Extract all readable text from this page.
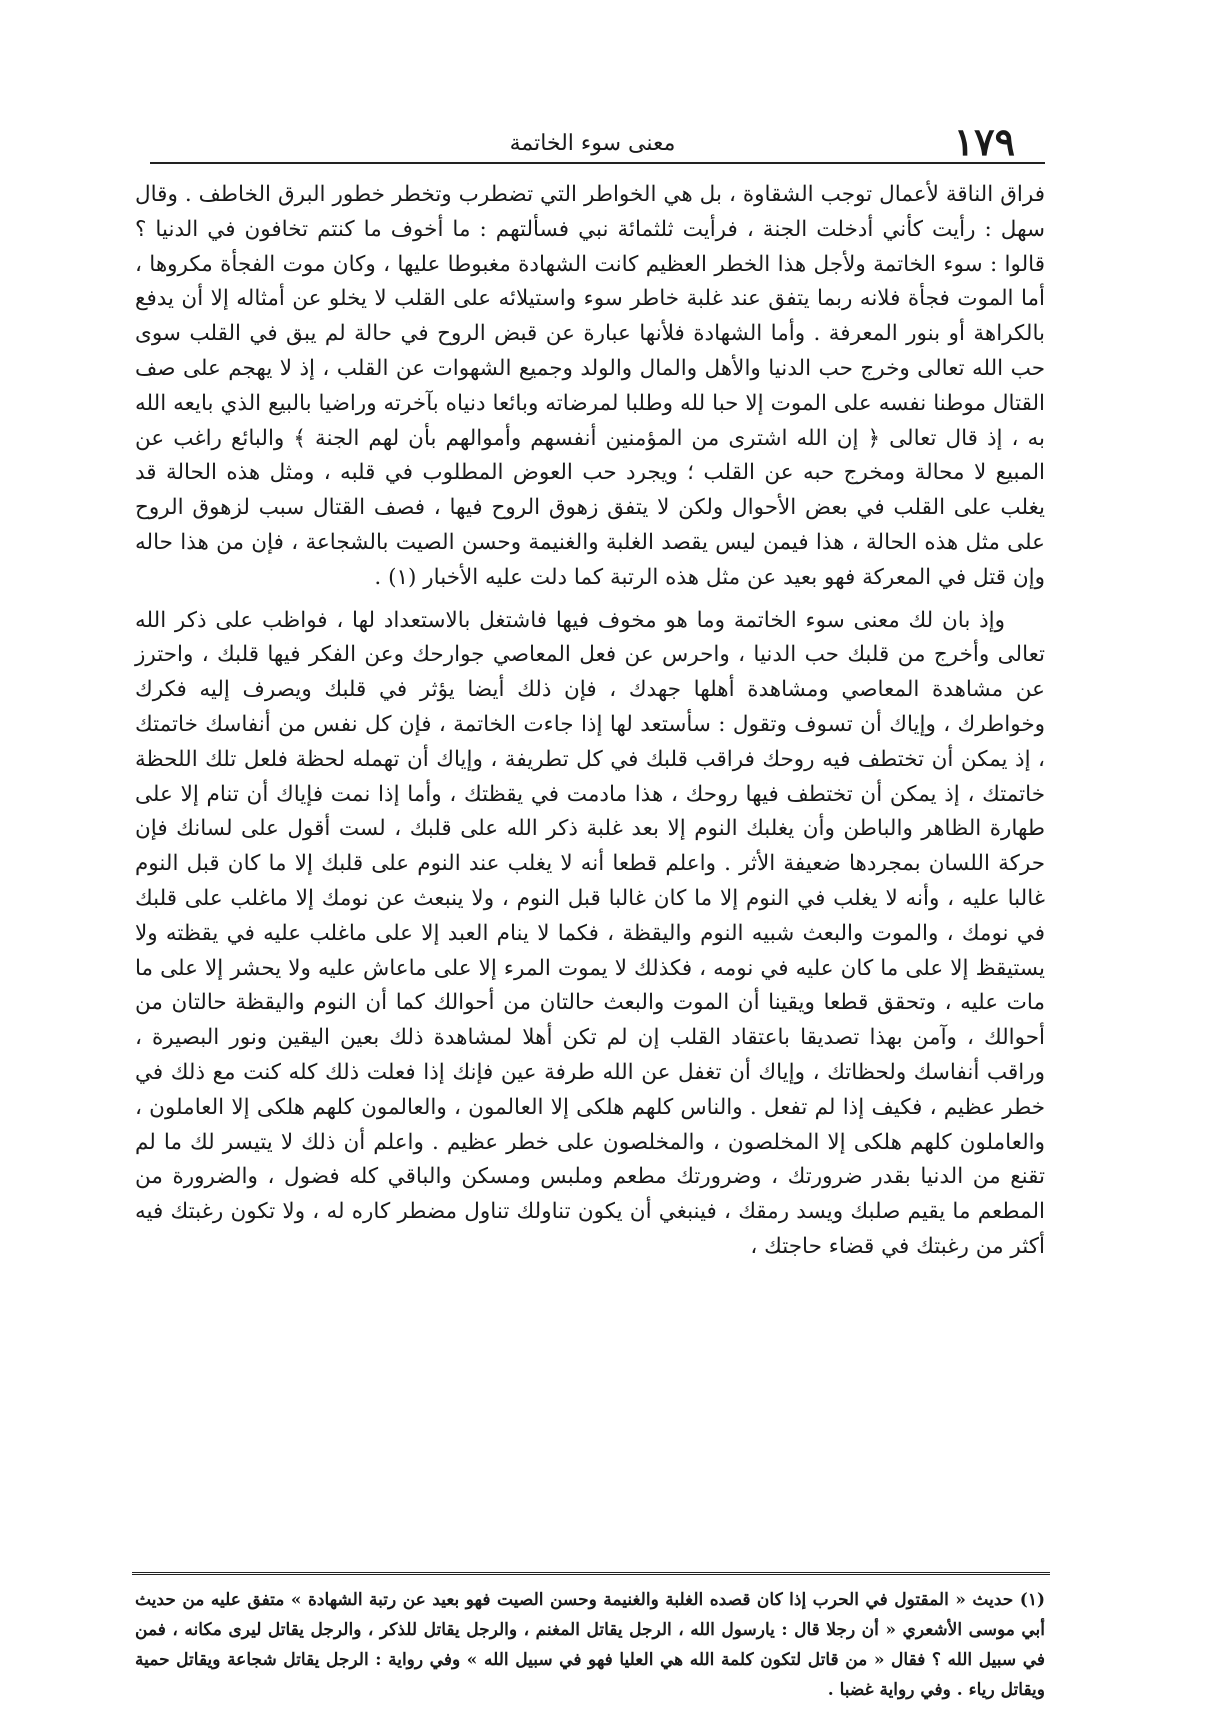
١٧٩
معنى سوء الخاتمة

فراق الناقة لأعمال توجب الشقاوة ، بل هي الخواطر التي تضطرب وتخطر خطور البرق الخاطف . وقال سهل : رأيت كأني أدخلت الجنة ، فرأيت ثلثمائة نبي فسألتهم : ما أخوف ما كنتم تخافون في الدنيا ؟ قالوا : سوء الخاتمة ولأجل هذا الخطر العظيم كانت الشهادة مغبوطا عليها ، وكان موت الفجأة مكروها ، أما الموت فجأة فلانه ربما يتفق عند غلبة خاطر سوء واستيلائه على القلب لا يخلو عن أمثاله إلا أن يدفع بالكراهة أو بنور المعرفة . وأما الشهادة فلأنها عبارة عن قبض الروح في حالة لم يبق في القلب سوى حب الله تعالى وخرج حب الدنيا والأهل والمال والولد وجميع الشهوات عن القلب ، إذ لا يهجم على صف القتال موطنا نفسه على الموت إلا حبا لله وطلبا لمرضاته وبائعا دنياه بآخرته وراضيا بالبيع الذي بايعه الله به ، إذ قال تعالى ﴿ إن الله اشترى من المؤمنين أنفسهم وأموالهم بأن لهم الجنة ﴾ والبائع راغب عن المبيع لا محالة ومخرج حبه عن القلب ؛ ويجرد حب العوض المطلوب في قلبه ، ومثل هذه الحالة قد يغلب على القلب في بعض الأحوال ولكن لا يتفق زهوق الروح فيها ، فصف القتال سبب لزهوق الروح على مثل هذه الحالة ، هذا فيمن ليس يقصد الغلبة والغنيمة وحسن الصيت بالشجاعة ، فإن من هذا حاله وإن قتل في المعركة فهو بعيد عن مثل هذه الرتبة كما دلت عليه الأخبار (١) .

وإذ بان لك معنى سوء الخاتمة وما هو مخوف فيها فاشتغل بالاستعداد لها ، فواظب على ذكر الله تعالى وأخرج من قلبك حب الدنيا ، واحرس عن فعل المعاصي جوارحك وعن الفكر فيها قلبك ، واحترز عن مشاهدة المعاصي ومشاهدة أهلها جهدك ، فإن ذلك أيضا يؤثر في قلبك ويصرف إليه فكرك وخواطرك ، وإياك أن تسوف وتقول : سأستعد لها إذا جاءت الخاتمة ، فإن كل نفس من أنفاسك خاتمتك ، إذ يمكن أن تختطف فيه روحك فراقب قلبك في كل تطريفة ، وإياك أن تهمله لحظة فلعل تلك اللحظة خاتمتك ، إذ يمكن أن تختطف فيها روحك ، هذا مادمت في يقظتك ، وأما إذا نمت فإياك أن تنام إلا على طهارة الظاهر والباطن وأن يغلبك النوم إلا بعد غلبة ذكر الله على قلبك ، لست أقول على لسانك فإن حركة اللسان بمجردها ضعيفة الأثر . واعلم قطعا أنه لا يغلب عند النوم على قلبك إلا ما كان قبل النوم غالبا عليه ، وأنه لا يغلب في النوم إلا ما كان غالبا قبل النوم ، ولا ينبعث عن نومك إلا ماغلب على قلبك في نومك ، والموت والبعث شبيه النوم واليقظة ، فكما لا ينام العبد إلا على ماغلب عليه في يقظته ولا يستيقظ إلا على ما كان عليه في نومه ، فكذلك لا يموت المرء إلا على ماعاش عليه ولا يحشر إلا على ما مات عليه ، وتحقق قطعا ويقينا أن الموت والبعث حالتان من أحوالك كما أن النوم واليقظة حالتان من أحوالك ، وآمن بهذا تصديقا باعتقاد القلب إن لم تكن أهلا لمشاهدة ذلك بعين اليقين ونور البصيرة ، وراقب أنفاسك ولحظاتك ، وإياك أن تغفل عن الله طرفة عين فإنك إذا فعلت ذلك كله كنت مع ذلك في خطر عظيم ، فكيف إذا لم تفعل . والناس كلهم هلكى إلا العالمون ، والعالمون كلهم هلكى إلا العاملون ، والعاملون كلهم هلكى إلا المخلصون ، والمخلصون على خطر عظيم . واعلم أن ذلك لا يتيسر لك ما لم تقنع من الدنيا بقدر ضرورتك ، وضرورتك مطعم وملبس ومسكن والباقي كله فضول ، والضرورة من المطعم ما يقيم صلبك ويسد رمقك ، فينبغي أن يكون تناولك تناول مضطر كاره له ، ولا تكون رغبتك فيه أكثر من رغبتك في قضاء حاجتك ،

(١) حديث « المقتول في الحرب إذا كان قصده الغلبة والغنيمة وحسن الصيت فهو بعيد عن رتبة الشهادة » متفق عليه من حديث أبي موسى الأشعري « أن رجلا قال : يارسول الله ، الرجل يقاتل المغنم ، والرجل يقاتل للذكر ، والرجل يقاتل ليرى مكانه ، فمن في سبيل الله ؟ فقال « من قاتل لتكون كلمة الله هي العليا فهو في سبيل الله » وفي رواية : الرجل يقاتل شجاعة ويقاتل حمية ويقاتل رياء . وفي رواية غضبا .
